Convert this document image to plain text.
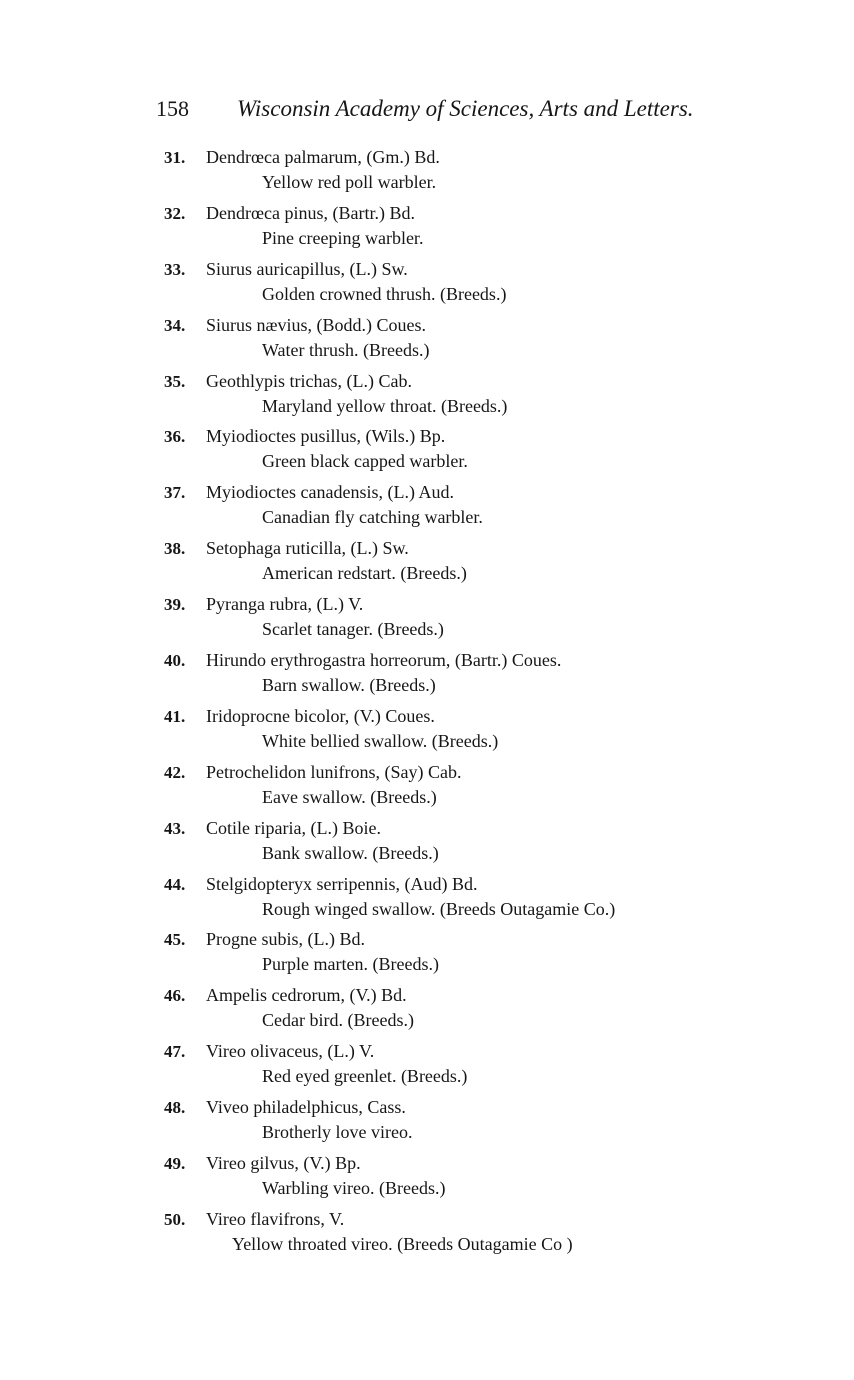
158 Wisconsin Academy of Sciences, Arts and Letters.
31. Dendrœca palmarum, (Gm.) Bd.
Yellow red poll warbler.
32. Dendrœca pinus, (Bartr.) Bd.
Pine creeping warbler.
33. Siurus auricapillus, (L.) Sw.
Golden crowned thrush. (Breeds.)
34. Siurus nævius, (Bodd.) Coues.
Water thrush. (Breeds.)
35. Geothlypis trichas, (L.) Cab.
Maryland yellow throat. (Breeds.)
36. Myiodioctes pusillus, (Wils.) Bp.
Green black capped warbler.
37. Myiodioctes canadensis, (L.) Aud.
Canadian fly catching warbler.
38. Setophaga ruticilla, (L.) Sw.
American redstart. (Breeds.)
39. Pyranga rubra, (L.) V.
Scarlet tanager. (Breeds.)
40. Hirundo erythrogastra horreorum, (Bartr.) Coues.
Barn swallow. (Breeds.)
41. Iridoprocne bicolor, (V.) Coues.
White bellied swallow. (Breeds.)
42. Petrochelidon lunifrons, (Say) Cab.
Eave swallow. (Breeds.)
43. Cotile riparia, (L.) Boie.
Bank swallow. (Breeds.)
44. Stelgidopteryx serripennis, (Aud) Bd.
Rough winged swallow. (Breeds Outagamie Co.)
45. Progne subis, (L.) Bd.
Purple marten. (Breeds.)
46. Ampelis cedrorum, (V.) Bd.
Cedar bird. (Breeds.)
47. Vireo olivaceus, (L.) V.
Red eyed greenlet. (Breeds.)
48. Viveo philadelphicus, Cass.
Brotherly love vireo.
49. Vireo gilvus, (V.) Bp.
Warbling vireo. (Breeds.)
50. Vireo flavifrons, V.
Yellow throated vireo. (Breeds Outagamie Co )
